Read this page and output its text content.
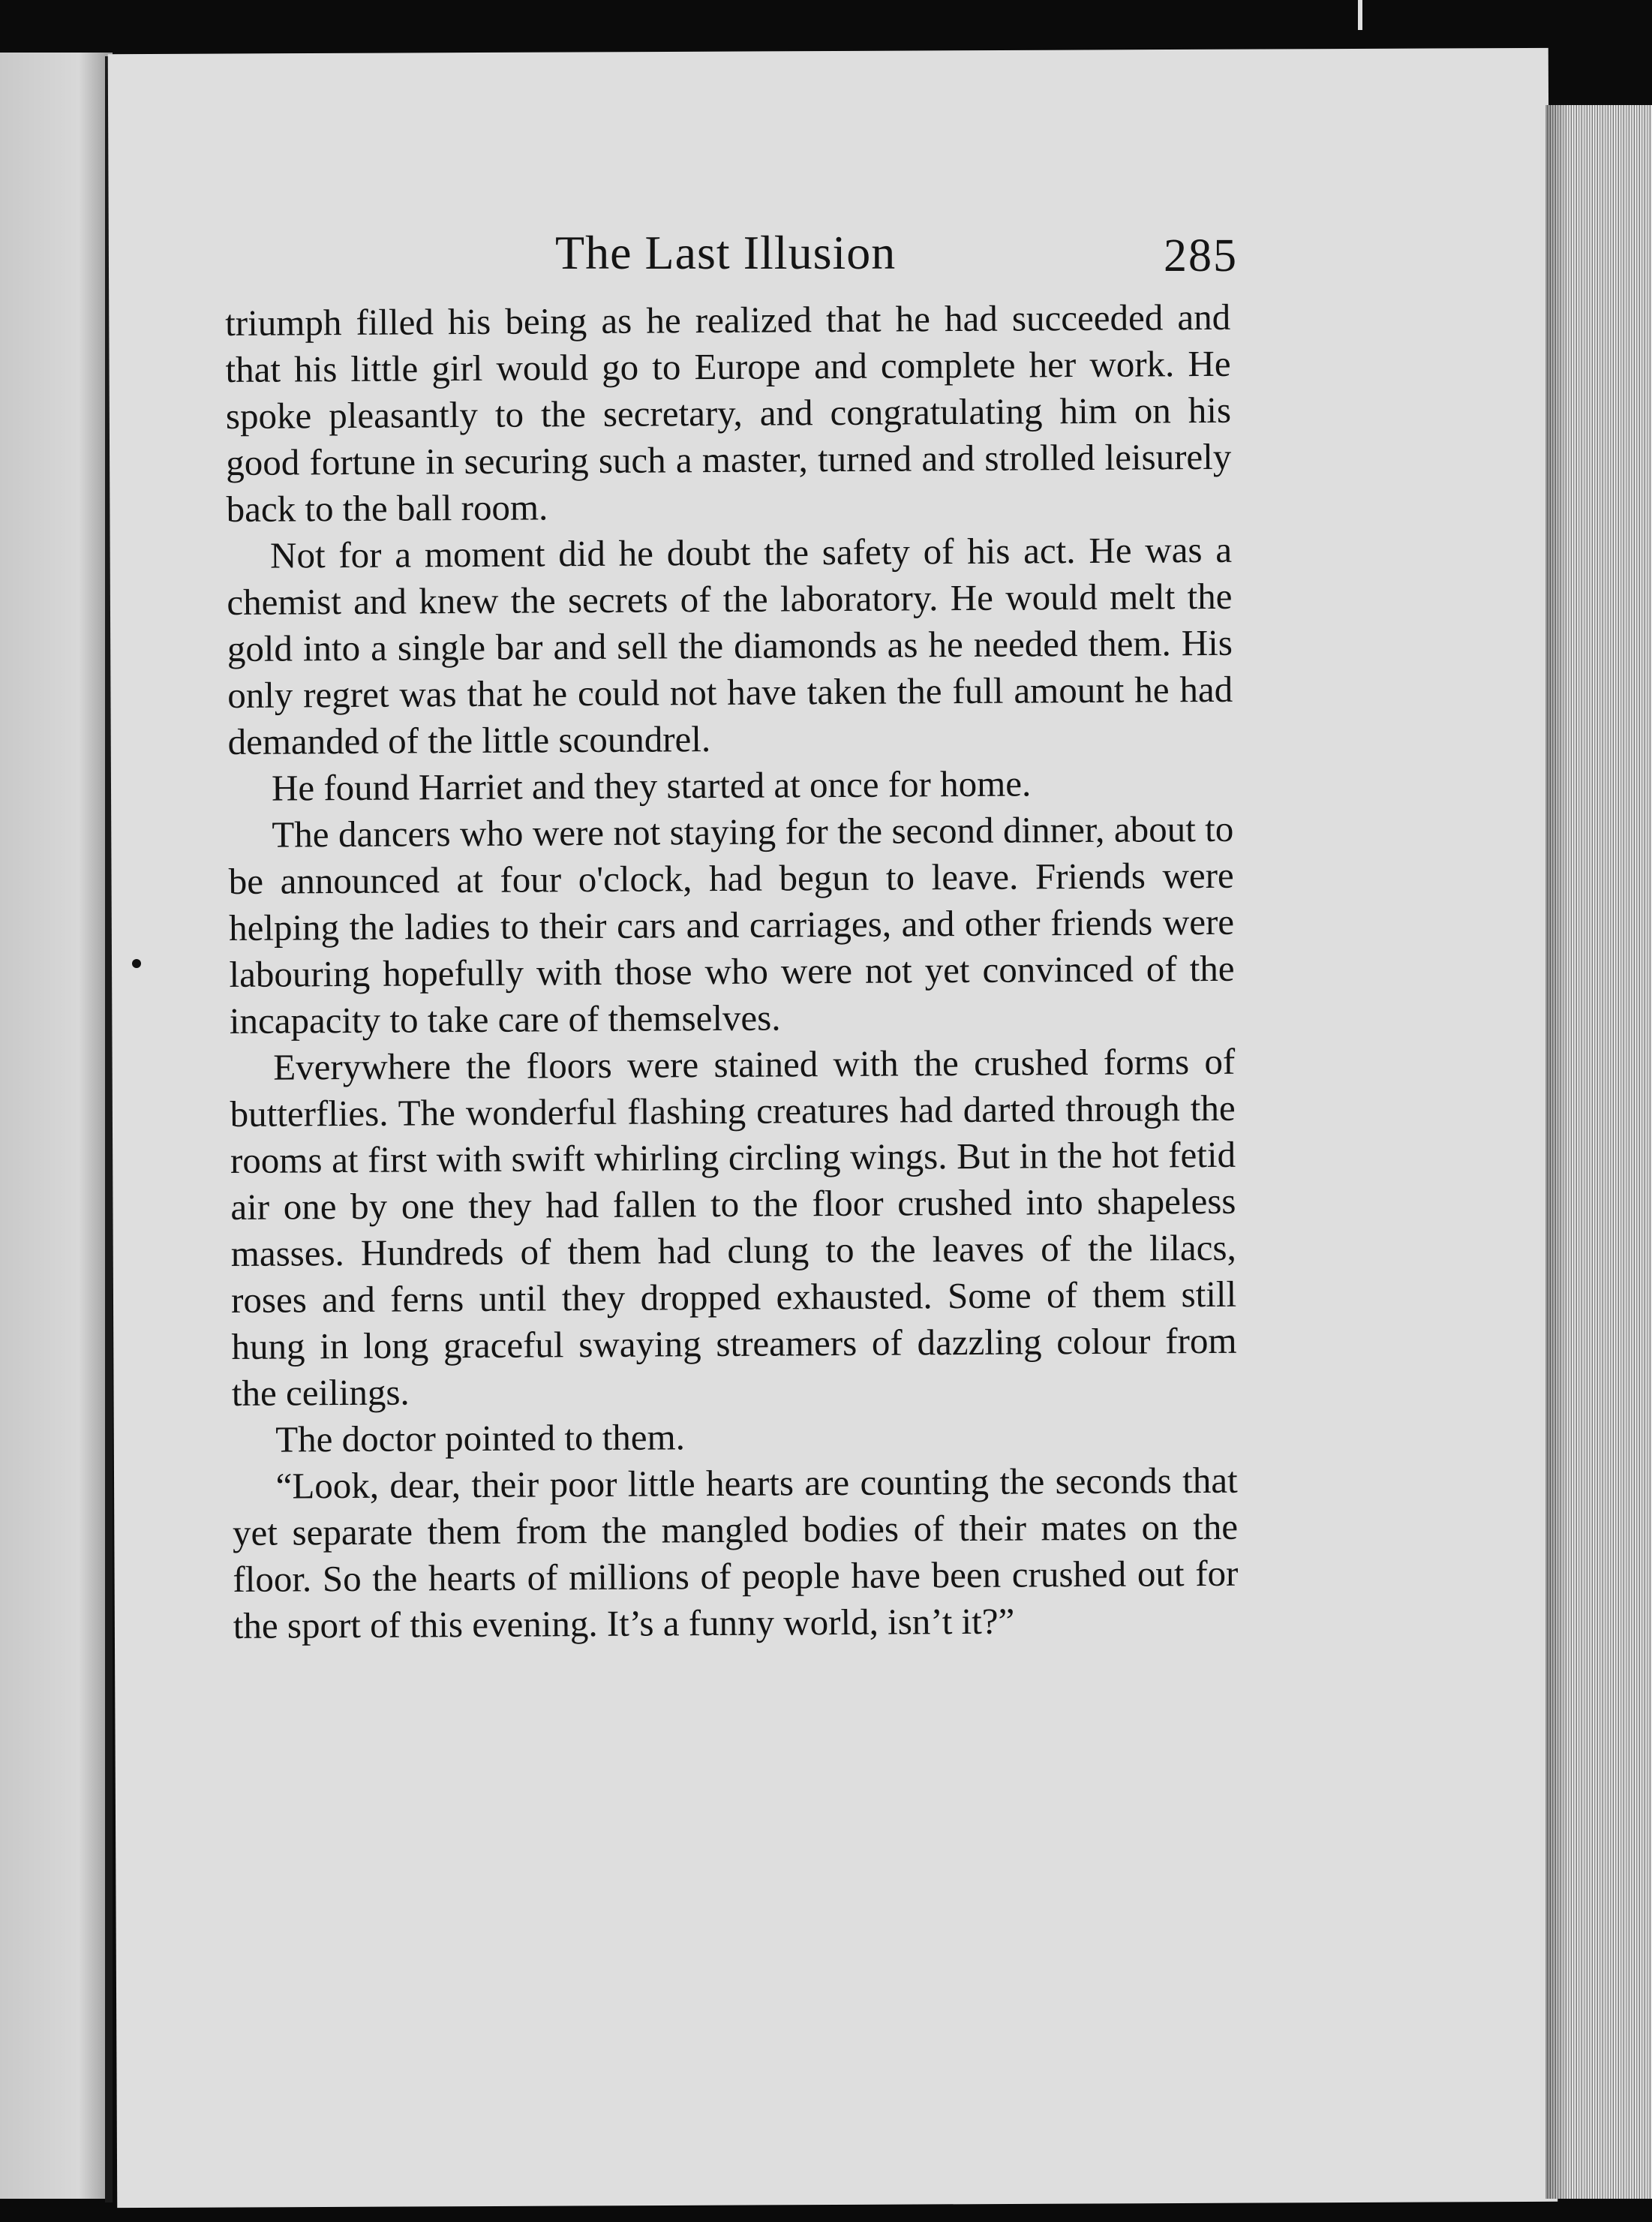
The Last Illusion	285

triumph filled his being as he realized that he had succeeded and that his little girl would go to Europe and complete her work. He spoke pleasantly to the secretary, and congratulating him on his good fortune in securing such a master, turned and strolled leisurely back to the ball room.

Not for a moment did he doubt the safety of his act. He was a chemist and knew the secrets of the laboratory. He would melt the gold into a single bar and sell the diamonds as he needed them. His only regret was that he could not have taken the full amount he had demanded of the little scoundrel.

He found Harriet and they started at once for home.

The dancers who were not staying for the second dinner, about to be announced at four o'clock, had begun to leave. Friends were helping the ladies to their cars and carriages, and other friends were labouring hopefully with those who were not yet convinced of the incapacity to take care of themselves.

Everywhere the floors were stained with the crushed forms of butterflies. The wonderful flashing creatures had darted through the rooms at first with swift whirling circling wings. But in the hot fetid air one by one they had fallen to the floor crushed into shapeless masses. Hundreds of them had clung to the leaves of the lilacs, roses and ferns until they dropped exhausted. Some of them still hung in long graceful swaying streamers of dazzling colour from the ceilings.

The doctor pointed to them.

“Look, dear, their poor little hearts are counting the seconds that yet separate them from the mangled bodies of their mates on the floor. So the hearts of millions of people have been crushed out for the sport of this evening. It’s a funny world, isn’t it?”
